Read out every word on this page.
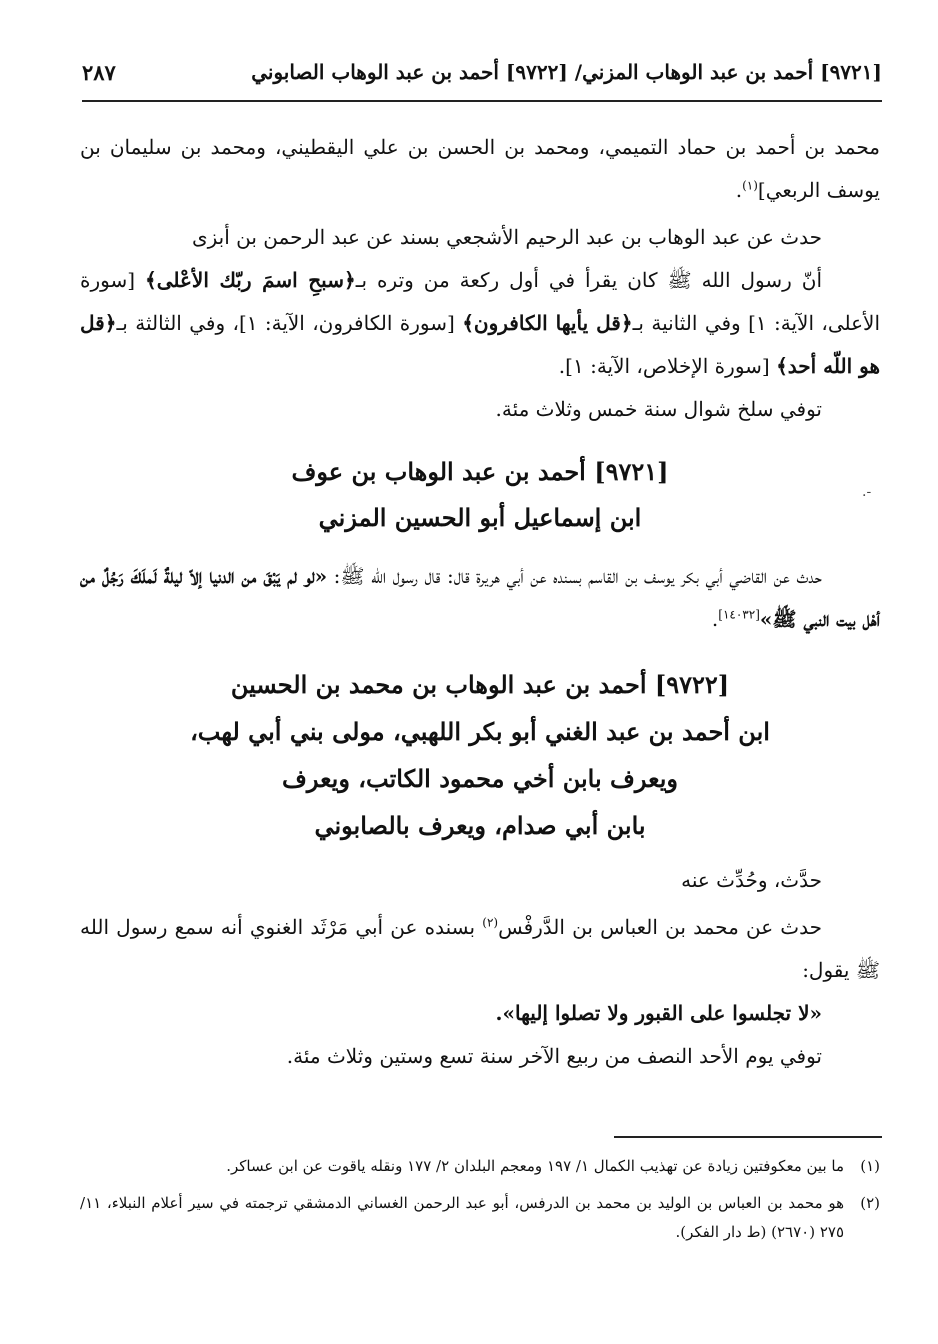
[٩٧٢١] أحمد بن عبد الوهاب المزني/ [٩٧٢٢] أحمد بن عبد الوهاب الصابوني
٢٨٧
-.

محمد بن أحمد بن حماد التميمي، ومحمد بن الحسن بن علي اليقطيني، ومحمد بن سليمان بن يوسف الربعي]$^{(١)}$.

حدث عن عبد الوهاب بن عبد الرحيم الأشجعي بسند عن عبد الرحمن بن أبزى

أنّ رسول الله ﷺ كان يقرأ في أول ركعة من وتره بـ﴿سبحِ اسمَ ربّك الأعْلى﴾ [سورة الأعلى، الآية: ١] وفي الثانية بـ﴿قل يأيها الكافرون﴾ [سورة الكافرون، الآية: ١]، وفي الثالثة بـ﴿قل هو اللّه أحد﴾ [سورة الإخلاص، الآية: ١].

توفي سلخ شوال سنة خمس وثلاث مئة.

[٩٧٢١] أحمد بن عبد الوهاب بن عوف
ابن إسماعيل أبو الحسين المزني

حدث عن القاضي أبي بكر يوسف بن القاسم بسنده عن أبي هريرة قال: قال رسول الله ﷺ: «لو لم يَبْقَ من الدنيا إلاّ ليلةٌ لَملَكَ رَجُلٌ من أهْل بيت النبي ﷺ»[١٤٠٣٢].

[٩٧٢٢] أحمد بن عبد الوهاب بن محمد بن الحسين
ابن أحمد بن عبد الغني أبو بكر اللهبي، مولى بني أبي لهب،
ويعرف بابن أخي محمود الكاتب، ويعرف
بابن أبي صدام، ويعرف بالصابوني

حدَّث، وحُدِّث عنه

حدث عن محمد بن العباس بن الدَّرفْس$^{(٢)}$ بسنده عن أبي مَرْثَد الغنوي أنه سمع رسول الله ﷺ يقول:

«لا تجلسوا على القبور ولا تصلوا إليها».

توفي يوم الأحد النصف من ربيع الآخر سنة تسع وستين وثلاث مئة.

(١)
ما بين معكوفتين زيادة عن تهذيب الكمال ١/ ١٩٧ ومعجم البلدان ٢/ ١٧٧ ونقله ياقوت عن ابن عساكر.
(٢)
هو محمد بن العباس بن الوليد بن محمد بن الدرفس، أبو عبد الرحمن الغساني الدمشقي ترجمته في سير أعلام النبلاء، ١١/ ٢٧٥ (٢٦٧٠) (ط دار الفكر).
